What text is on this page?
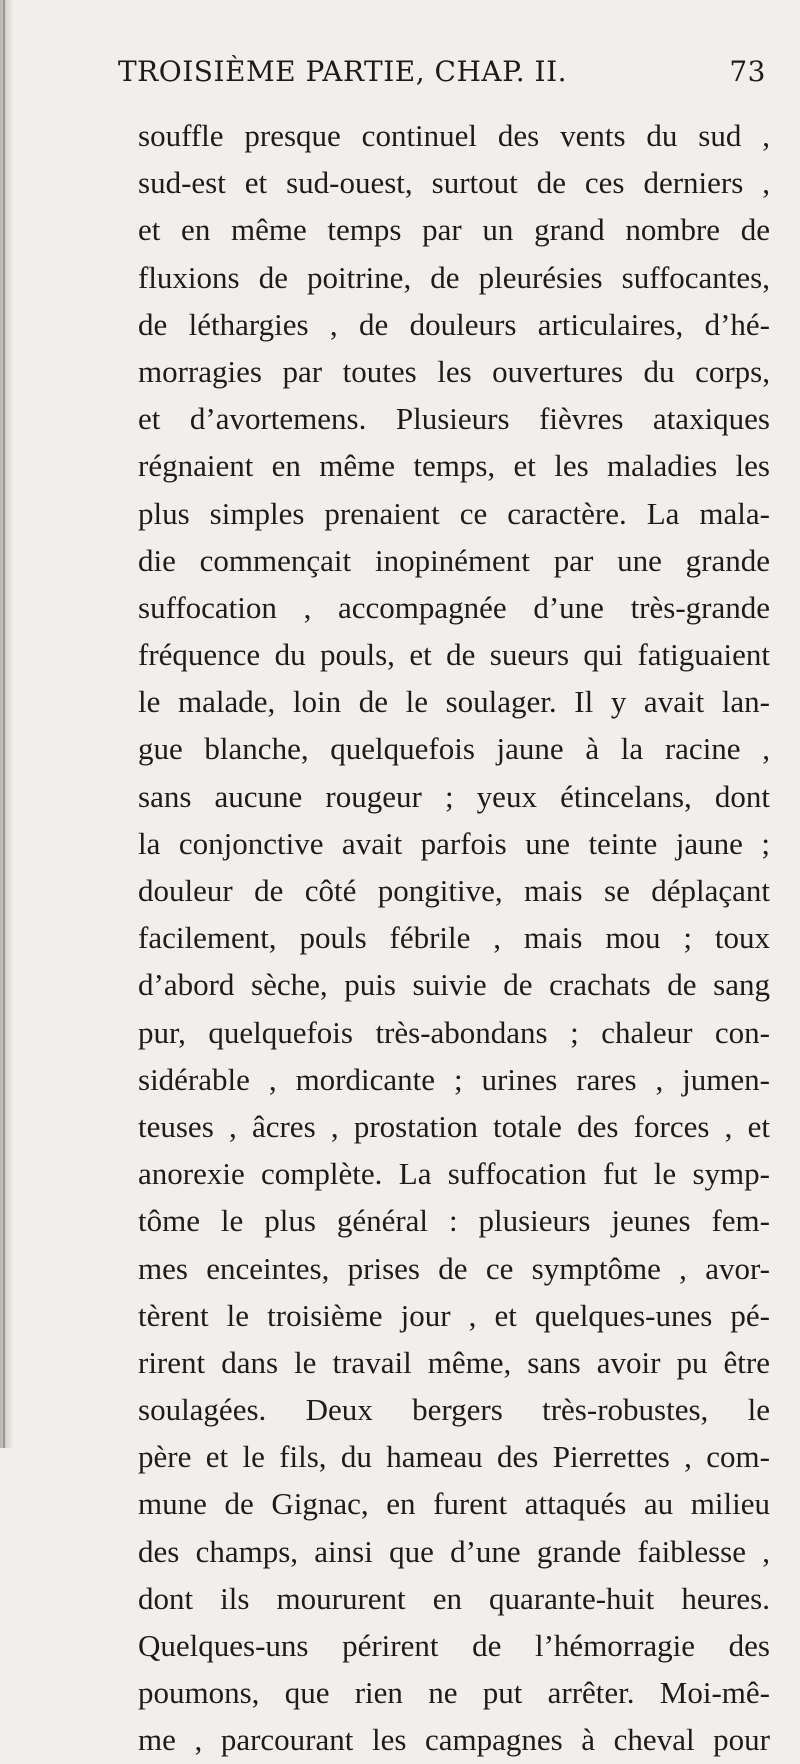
TROISIÈME PARTIE, CHAP. II.	73
souffle presque continuel des vents du sud ,
sud-est et sud-ouest, surtout de ces derniers ,
et en même temps par un grand nombre de
fluxions de poitrine, de pleurésies suffocantes,
de léthargies , de douleurs articulaires, d’hé-
morragies par toutes les ouvertures du corps,
et d’avortemens. Plusieurs fièvres ataxiques
régnaient en même temps, et les maladies les
plus simples prenaient ce caractère. La mala-
die commençait inopinément par une grande
suffocation , accompagnée d’une très-grande
fréquence du pouls, et de sueurs qui fatiguaient
le malade, loin de le soulager. Il y avait lan-
gue blanche, quelquefois jaune à la racine ,
sans aucune rougeur ; yeux étincelans, dont
la conjonctive avait parfois une teinte jaune ;
douleur de côté pongitive, mais se déplaçant
facilement, pouls fébrile , mais mou ; toux
d’abord sèche, puis suivie de crachats de sang
pur, quelquefois très-abondans ; chaleur con-
sidérable , mordicante ; urines rares , jumen-
teuses , âcres , prostation totale des forces , et
anorexie complète. La suffocation fut le symp-
tôme le plus général : plusieurs jeunes fem-
mes enceintes, prises de ce symptôme , avor-
tèrent le troisième jour , et quelques-unes pé-
rirent dans le travail même, sans avoir pu être
soulagées. Deux bergers très-robustes, le
père et le fils, du hameau des Pierrettes , com-
mune de Gignac, en furent attaqués au milieu
des champs, ainsi que d’une grande faiblesse ,
dont ils moururent en quarante-huit heures.
Quelques-uns périrent de l’hémorragie des
poumons, que rien ne put arrêter. Moi-mê-
me , parcourant les campagnes à cheval pour
